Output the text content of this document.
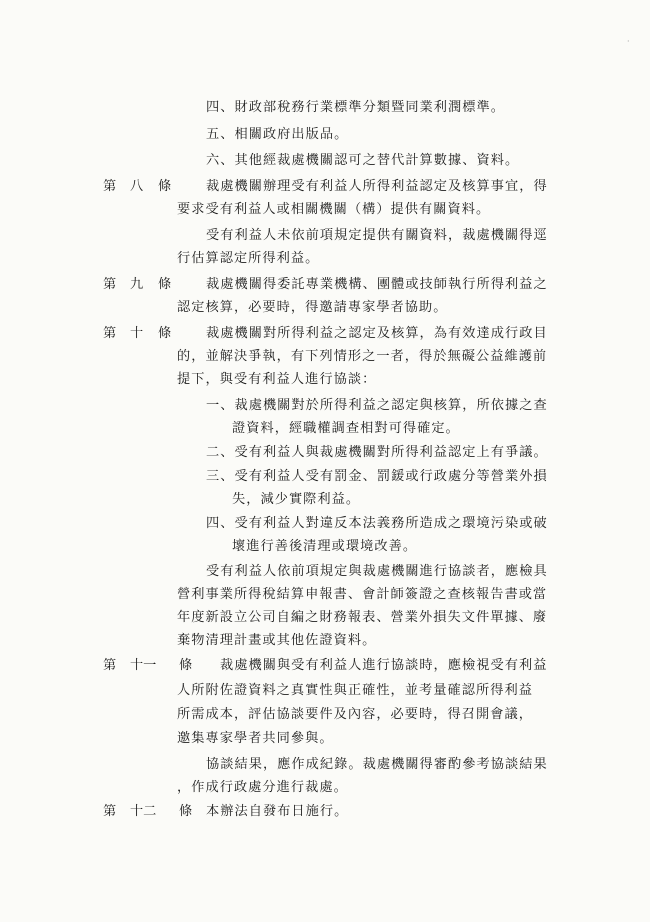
·
四、財政部稅務行業標準分類暨同業利潤標準。
五、相關政府出版品。
六、其他經裁處機關認可之替代計算數據、資料。
第 八 條	裁處機關辦理受有利益人所得利益認定及核算事宜，得
要求受有利益人或相關機關（構）提供有關資料。
受有利益人未依前項規定提供有關資料，裁處機關得逕
行估算認定所得利益。
第 九 條	裁處機關得委託專業機構、團體或技師執行所得利益之
認定核算，必要時，得邀請專家學者協助。
第 十 條	裁處機關對所得利益之認定及核算，為有效達成行政目
的，並解決爭執，有下列情形之一者，得於無礙公益維護前
提下，與受有利益人進行協談：
一、裁處機關對於所得利益之認定與核算，所依據之查
證資料，經職權調查相對可得確定。
二、受有利益人與裁處機關對所得利益認定上有爭議。
三、受有利益人受有罰金、罰鍰或行政處分等營業外損
失，減少實際利益。
四、受有利益人對違反本法義務所造成之環境污染或破
壞進行善後清理或環境改善。
受有利益人依前項規定與裁處機關進行協談者，應檢具
營利事業所得稅結算申報書、會計師簽證之查核報告書或當
年度新設立公司自編之財務報表、營業外損失文件單據、廢
棄物清理計畫或其他佐證資料。
第 十一 條 裁處機關與受有利益人進行協談時，應檢視受有利益
人所附佐證資料之真實性與正確性，並考量確認所得利益
所需成本，評估協談要件及內容，必要時，得召開會議，
邀集專家學者共同參與。
協談結果，應作成紀錄。裁處機關得審酌參考協談結果
，作成行政處分進行裁處。
第 十二 條 本辦法自發布日施行。
